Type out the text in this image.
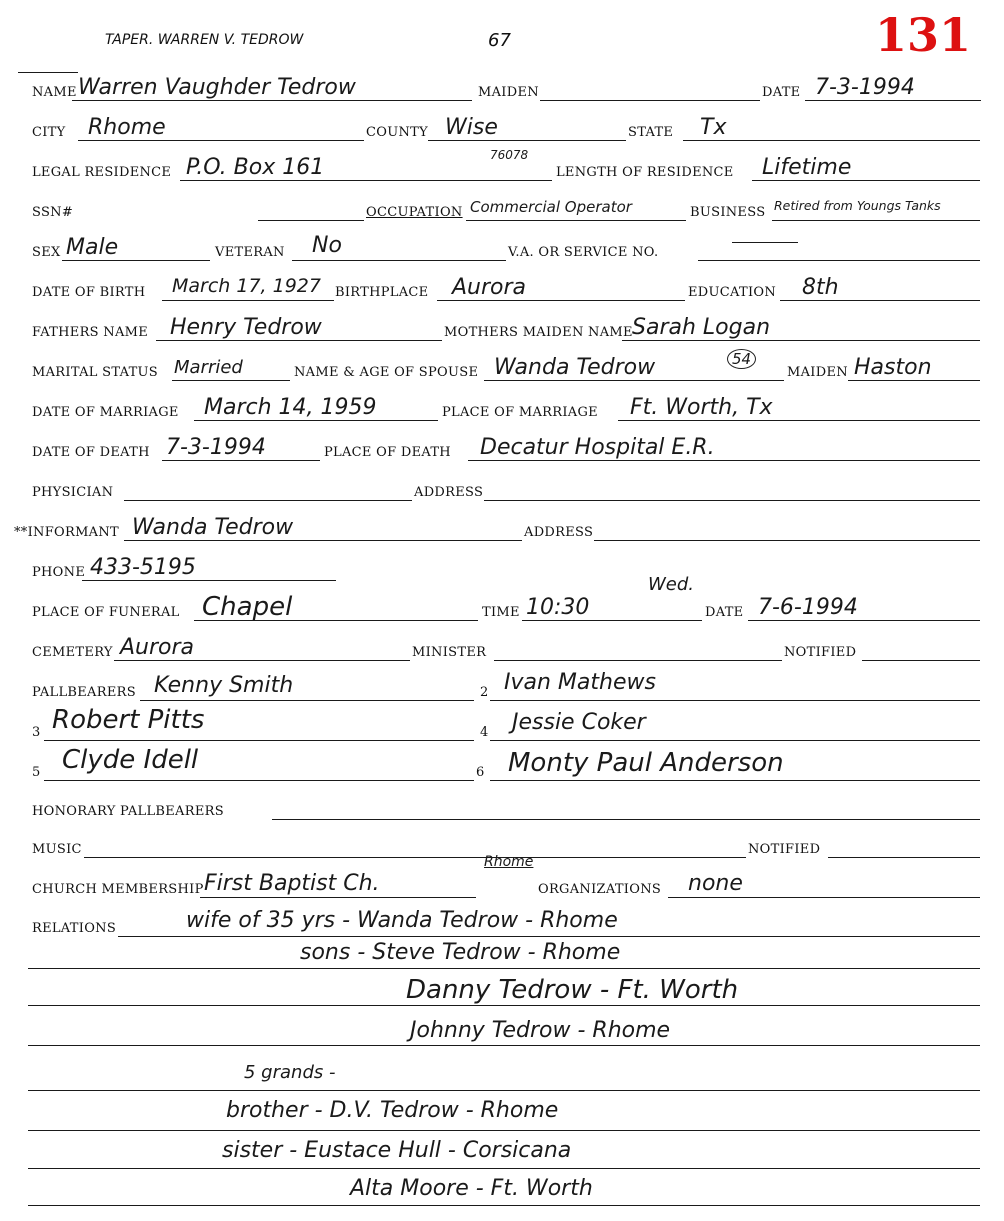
131
TAPER. WARREN V. TEDROW	67
NAME Warren Vaughder Tedrow	MAIDEN	DATE 7-3-1994
CITY Rhome	COUNTY Wise	STATE Tx
LEGAL RESIDENCE P.O. Box 161	76078
LENGTH OF RESIDENCE Lifetime
SSN#	OCCUPATION Commercial Operator	BUSINESS Retired from Youngs Tanks
SEX Male	VETERAN No	V.A. OR SERVICE NO.
DATE OF BIRTH March 17, 1927 BIRTHPLACE Aurora	EDUCATION 8th
FATHERS NAME Henry Tedrow	MOTHERS MAIDEN NAME Sarah Logan
MARITAL STATUS Married	NAME & AGE OF SPOUSE Wanda Tedrow	54
MAIDEN Haston
DATE OF MARRIAGE March 14, 1959	PLACE OF MARRIAGE Ft. Worth, Tx
DATE OF DEATH 7-3-1994	PLACE OF DEATH Decatur Hospital E.R.
PHYSICIAN	ADDRESS
**INFORMANT Wanda Tedrow	ADDRESS
PHONE 433-5195
PLACE OF FUNERAL Chapel
Wed.
TIME 10:30	DATE 7-6-1994
CEMETERY Aurora	MINISTER	NOTIFIED
PALLBEARERS Kenny Smith	2 Ivan Mathews
3 Robert Pitts	4 Jessie Coker
5 Clyde Idell	6 Monty Paul Anderson
HONORARY PALLBEARERS
MUSIC	NOTIFIED
CHURCH MEMBERSHIP First Baptist Ch.
Rhome
ORGANIZATIONS none
RELATIONS	wife of 35 yrs - Wanda Tedrow - Rhome
sons - Steve Tedrow - Rhome
Danny Tedrow - Ft. Worth
Johnny Tedrow - Rhome
5 grands -
brother - D.V. Tedrow - Rhome
sister - Eustace Hull - Corsicana
Alta Moore - Ft. Worth
